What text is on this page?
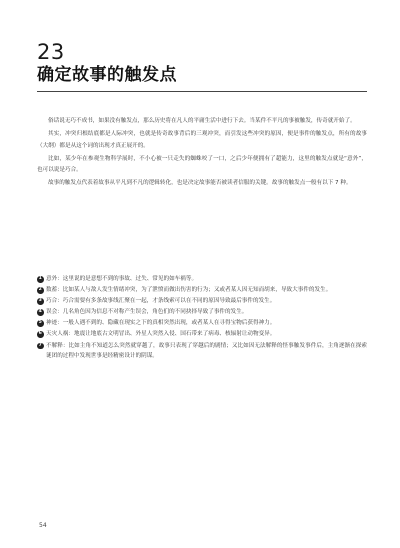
23
确定故事的触发点

俗话说无巧不成书，如果没有触发点，那么历史将在凡人的平庸生活中进行下去。当某件不平凡的事被触发，传奇就开始了。

其实，冲突归根结底都是人际冲突，也就是传奇故事背后的三观冲突，而引发这些冲突的原因，便是事件的触发点，所有的故事（大纲）都是从这个词的出现才真正展开的。

比如，某少年在参观生物科学展时，不小心被一只走失的蜘蛛咬了一口，之后少年便拥有了超能力，这里的触发点就是“意外”，也可以说是巧合。

故事的触发点代表着故事从平凡到不凡的逻辑转化，也是决定故事能否被读者信服的关键。故事的触发点一般有以下 7 种。

1 意外：这里说的是意想不到的事故、过失、常见的如车祸等。
2 数蓄：比如某人与敌人发生情绪冲突，为了泄愤而做出伤害的行为；又或者某人因无知而胡来，导致大事件的发生。
3 巧合：巧合需要有多条故事线汇聚在一起，才条线索可以在不同的原因导致最后事件的发生。
4 误会：几名角色因为信息不对称产生误会，角色们的不同抉择导致了事件的发生。
5 神迹：一般人遇不到的、隐藏在现实之下的真相突然出现，或者某人在寻得宝物后获得神力。
6 天灾人祸：地震让地底古文明冒出、外星人突然入侵、国石带来了病毒、核辐射让动物变异。
7 不解释：比如主角不知道怎么突然就穿越了，故事只表现了穿越后的剧情；又比如因无法解释的怪事触发事件后，主角逐渐在探索谜团的过程中发现世事是经精密设计的阴谋。
54
